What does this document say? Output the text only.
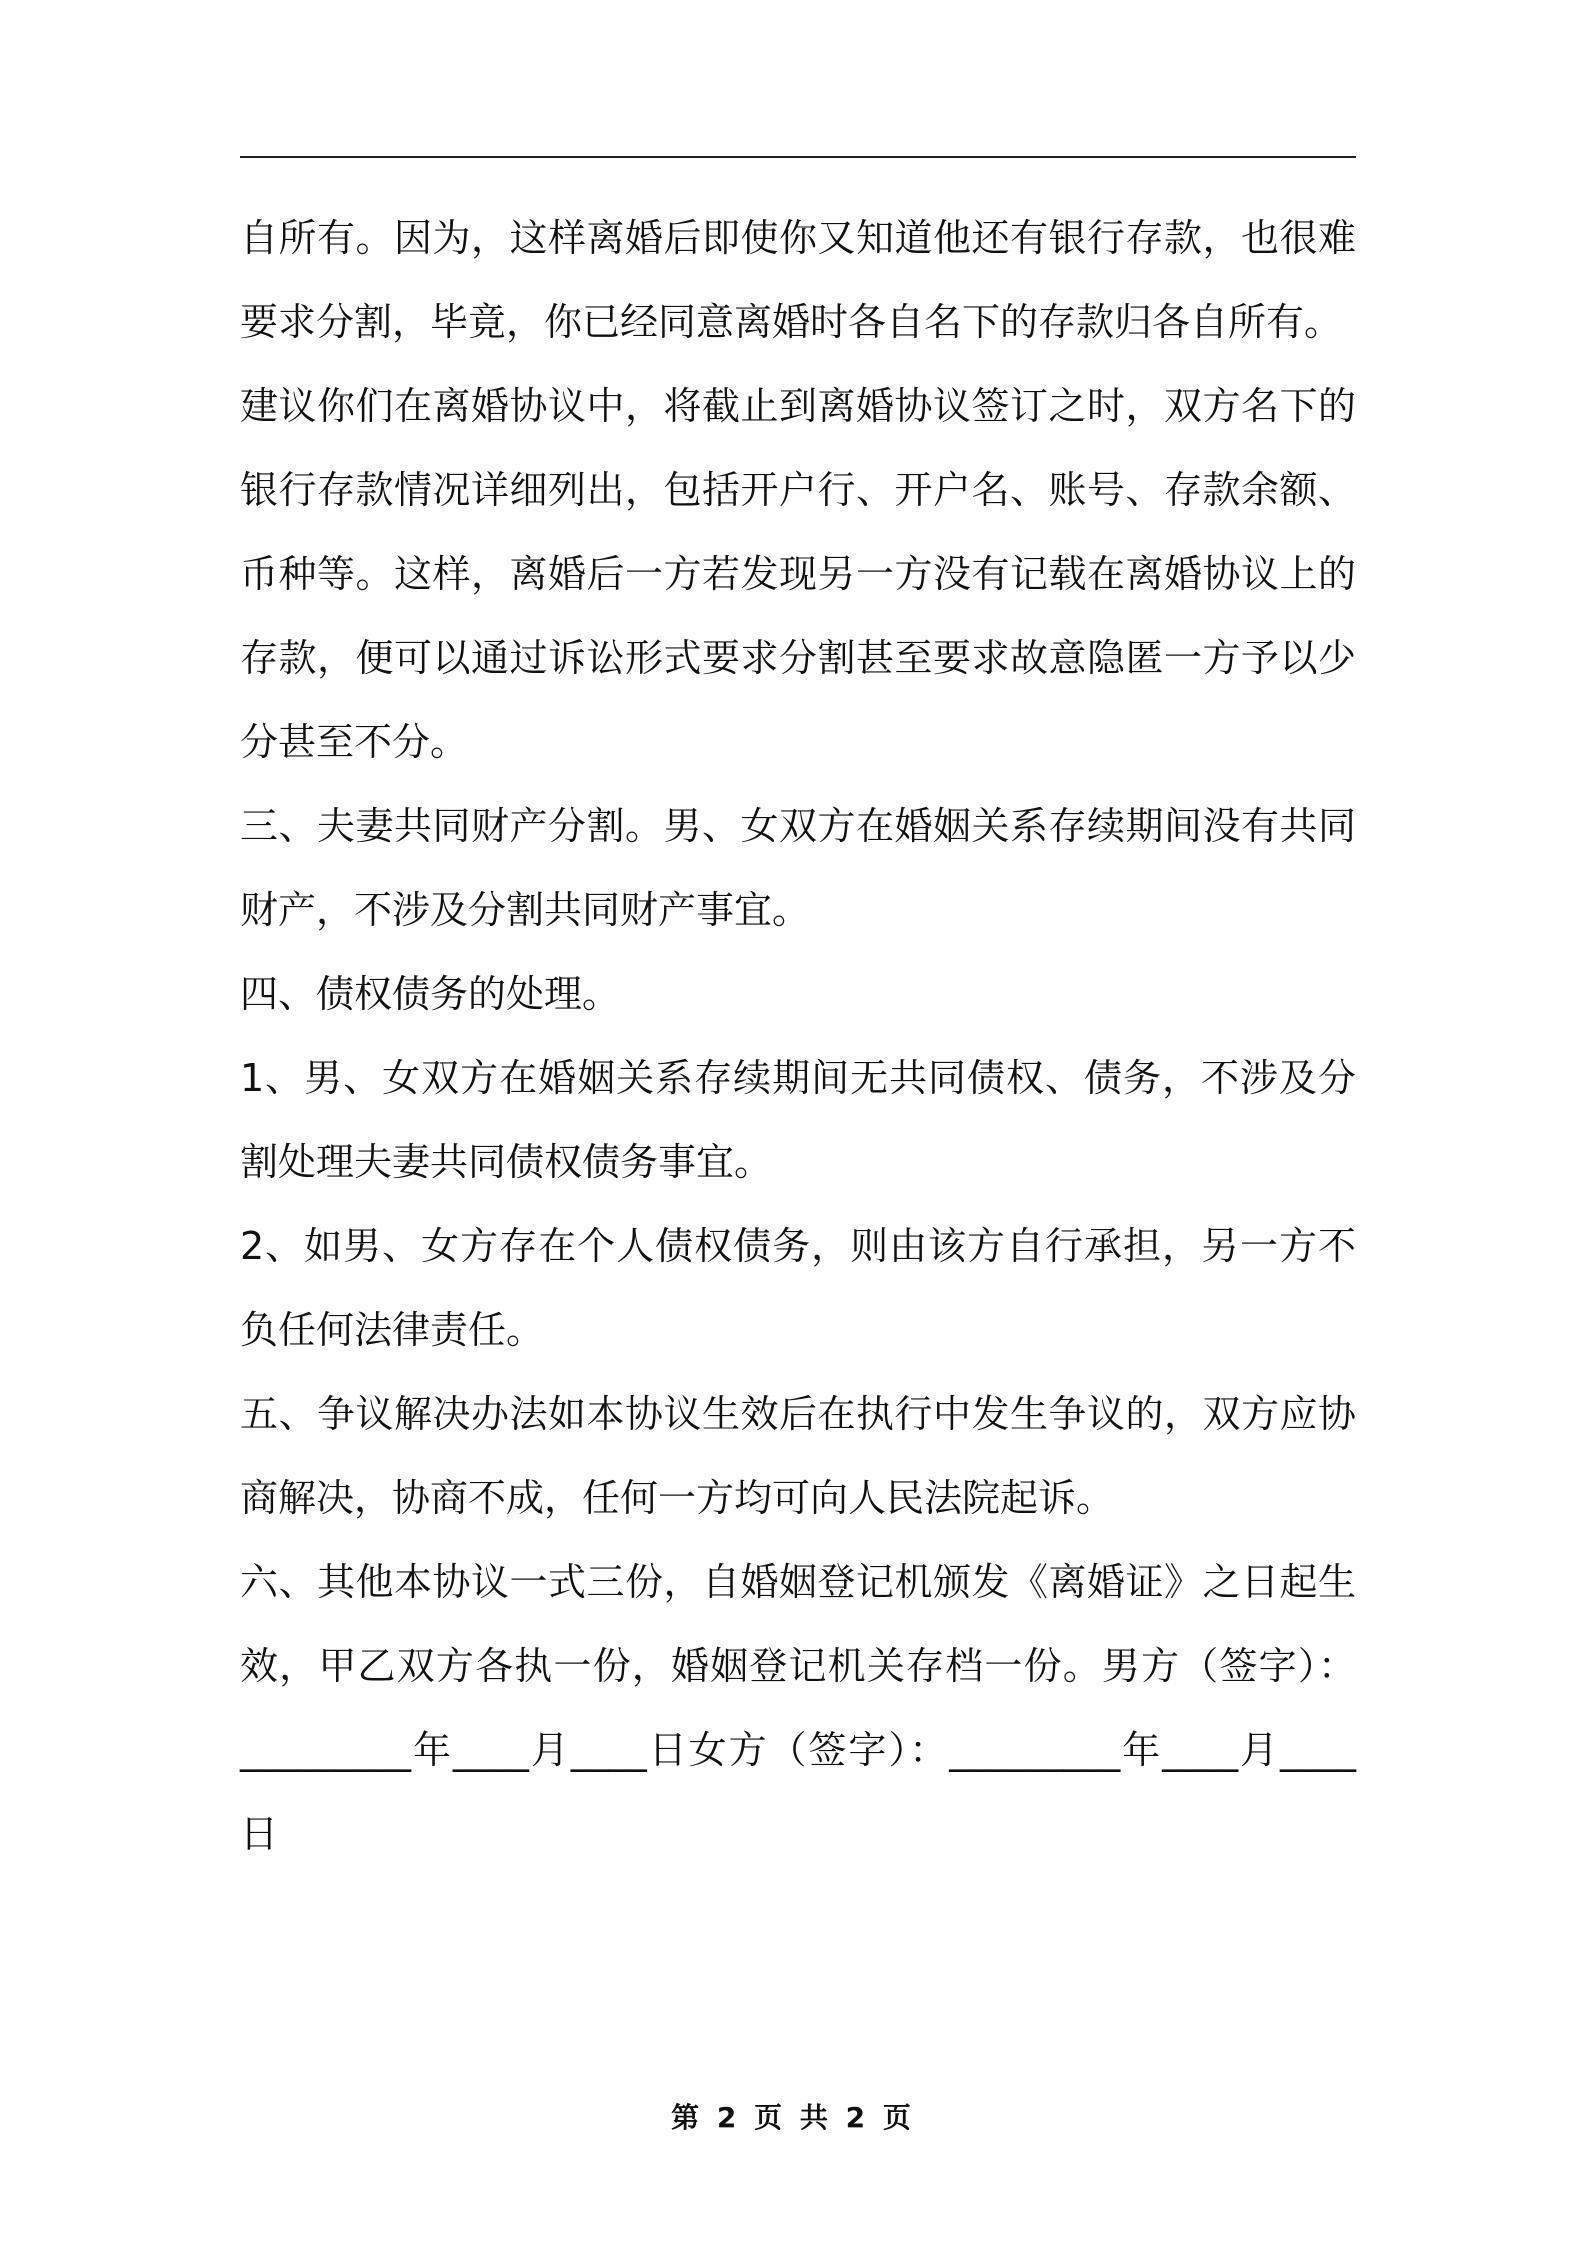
自所有。因为，这样离婚后即使你又知道他还有银行存款，也很难要求分割，毕竟，你已经同意离婚时各自名下的存款归各自所有。

建议你们在离婚协议中，将截止到离婚协议签订之时，双方名下的银行存款情况详细列出，包括开户行、开户名、账号、存款余额、币种等。这样，离婚后一方若发现另一方没有记载在离婚协议上的存款，便可以通过诉讼形式要求分割甚至要求故意隐匿一方予以少分甚至不分。

三、夫妻共同财产分割。男、女双方在婚姻关系存续期间没有共同财产，不涉及分割共同财产事宜。

四、债权债务的处理。

1、男、女双方在婚姻关系存续期间无共同债权、债务，不涉及分割处理夫妻共同债权债务事宜。

2、如男、女方存在个人债权债务，则由该方自行承担，另一方不负任何法律责任。

五、争议解决办法如本协议生效后在执行中发生争议的，双方应协商解决，协商不成，任何一方均可向人民法院起诉。

六、其他本协议一式三份，自婚姻登记机颁发《离婚证》之日起生效，甲乙双方各执一份，婚姻登记机关存档一份。男方（签字）：_________年____月____日女方（签字）：_________年____月____日

第 2 页 共 2 页
